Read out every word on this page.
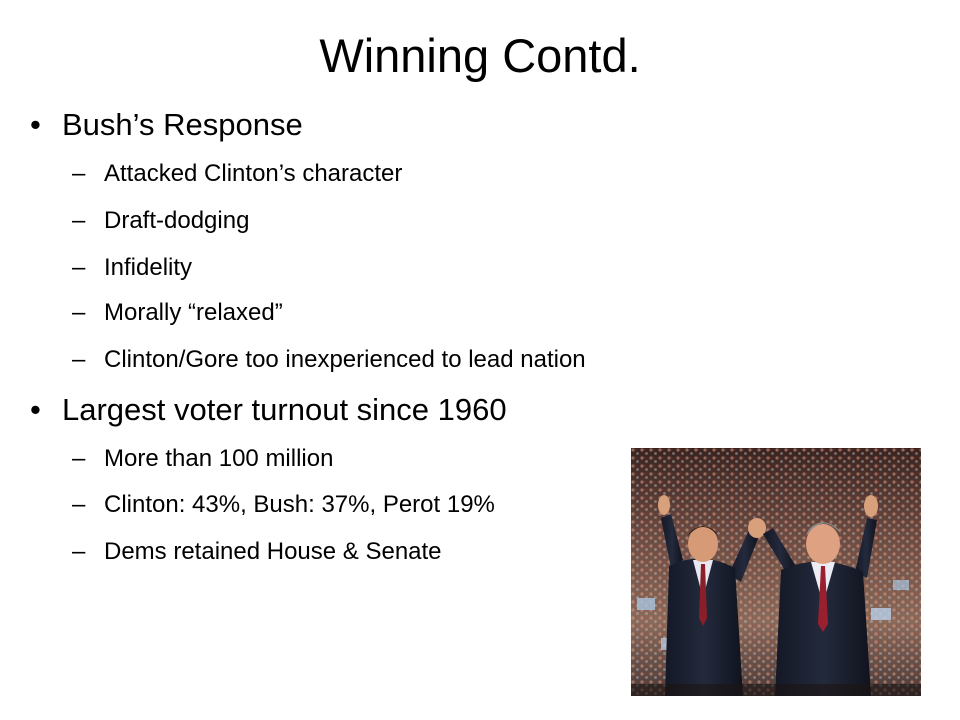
Winning Contd.
• Bush’s Response
– Attacked Clinton’s character
– Draft-dodging
– Infidelity
– Morally “relaxed”
– Clinton/Gore too inexperienced to lead nation
• Largest voter turnout since 1960
– More than 100 million
– Clinton: 43%, Bush: 37%, Perot 19%
– Dems retained House & Senate
